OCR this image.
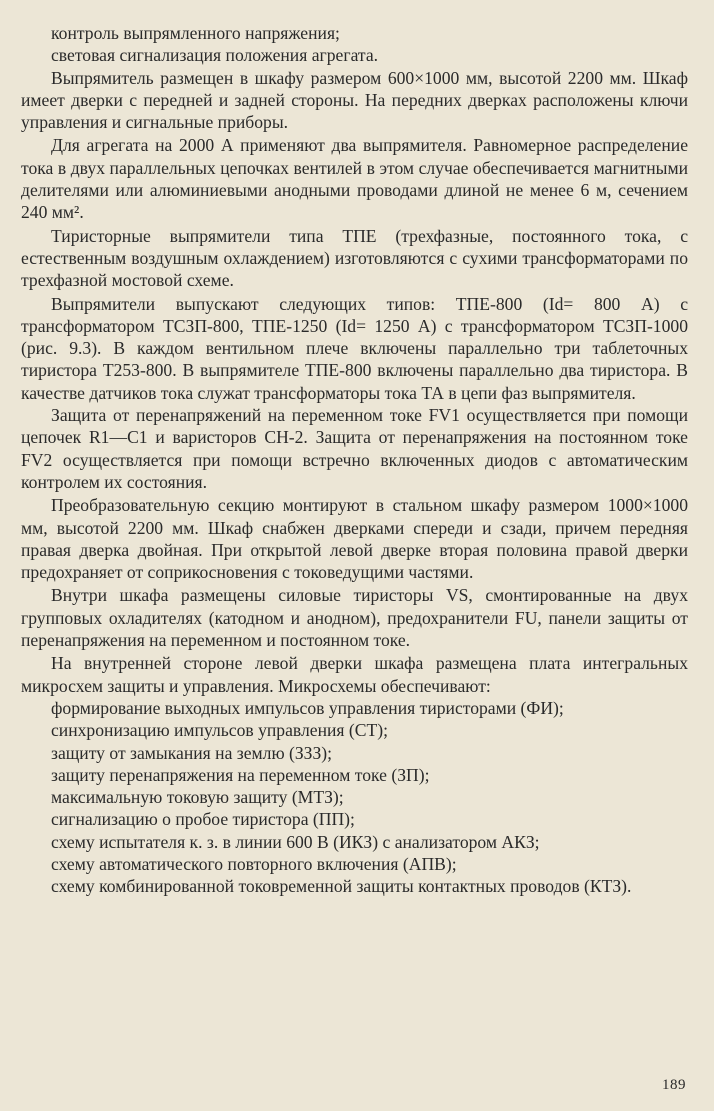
контроль выпрямленного напряжения;

световая сигнализация положения агрегата.

Выпрямитель размещен в шкафу размером 600×1000 мм, высотой 2200 мм. Шкаф имеет дверки с передней и задней стороны. На передних дверках расположены ключи управления и сигнальные приборы.

Для агрегата на 2000 А применяют два выпрямителя. Равномерное распределение тока в двух параллельных цепочках вентилей в этом случае обеспечивается магнитными делителями или алюминиевыми анодными проводами длиной не менее 6 м, сечением 240 мм².

Тиристорные выпрямители типа ТПЕ (трехфазные, постоянного тока, с естественным воздушным охлаждением) изготовляются с сухими трансформаторами по трехфазной мостовой схеме.

Выпрямители выпускают следующих типов: ТПЕ-800 (Id= 800 А) с трансформатором ТСЗП-800, ТПЕ-1250 (Id= 1250 А) с трансформатором ТСЗП-1000 (рис. 9.3). В каждом вентильном плече включены параллельно три таблеточных тиристора Т253-800. В выпрямителе ТПЕ-800 включены параллельно два тиристора. В качестве датчиков тока служат трансформаторы тока ТА в цепи фаз выпрямителя.

Защита от перенапряжений на переменном токе FV1 осуществляется при помощи цепочек R1—C1 и варисторов СН-2. Защита от перенапряжения на постоянном токе FV2 осуществляется при помощи встречно включенных диодов с автоматическим контролем их состояния.

Преобразовательную секцию монтируют в стальном шкафу размером 1000×1000 мм, высотой 2200 мм. Шкаф снабжен дверками спереди и сзади, причем передняя правая дверка двойная. При открытой левой дверке вторая половина правой дверки предохраняет от соприкосновения с токоведущими частями.

Внутри шкафа размещены силовые тиристоры VS, смонтированные на двух групповых охладителях (катодном и анодном), предохранители FU, панели защиты от перенапряжения на переменном и постоянном токе.

На внутренней стороне левой дверки шкафа размещена плата интегральных микросхем защиты и управления. Микросхемы обеспечивают:

формирование выходных импульсов управления тиристорами (ФИ);

синхронизацию импульсов управления (СТ);

защиту от замыкания на землю (ЗЗЗ);

защиту перенапряжения на переменном токе (ЗП);

максимальную токовую защиту (МТЗ);

сигнализацию о пробое тиристора (ПП);

схему испытателя к. з. в линии 600 В (ИКЗ) с анализатором АКЗ;

схему автоматического повторного включения (АПВ);

схему комбинированной токовременной защиты контактных проводов (КТЗ).

189
